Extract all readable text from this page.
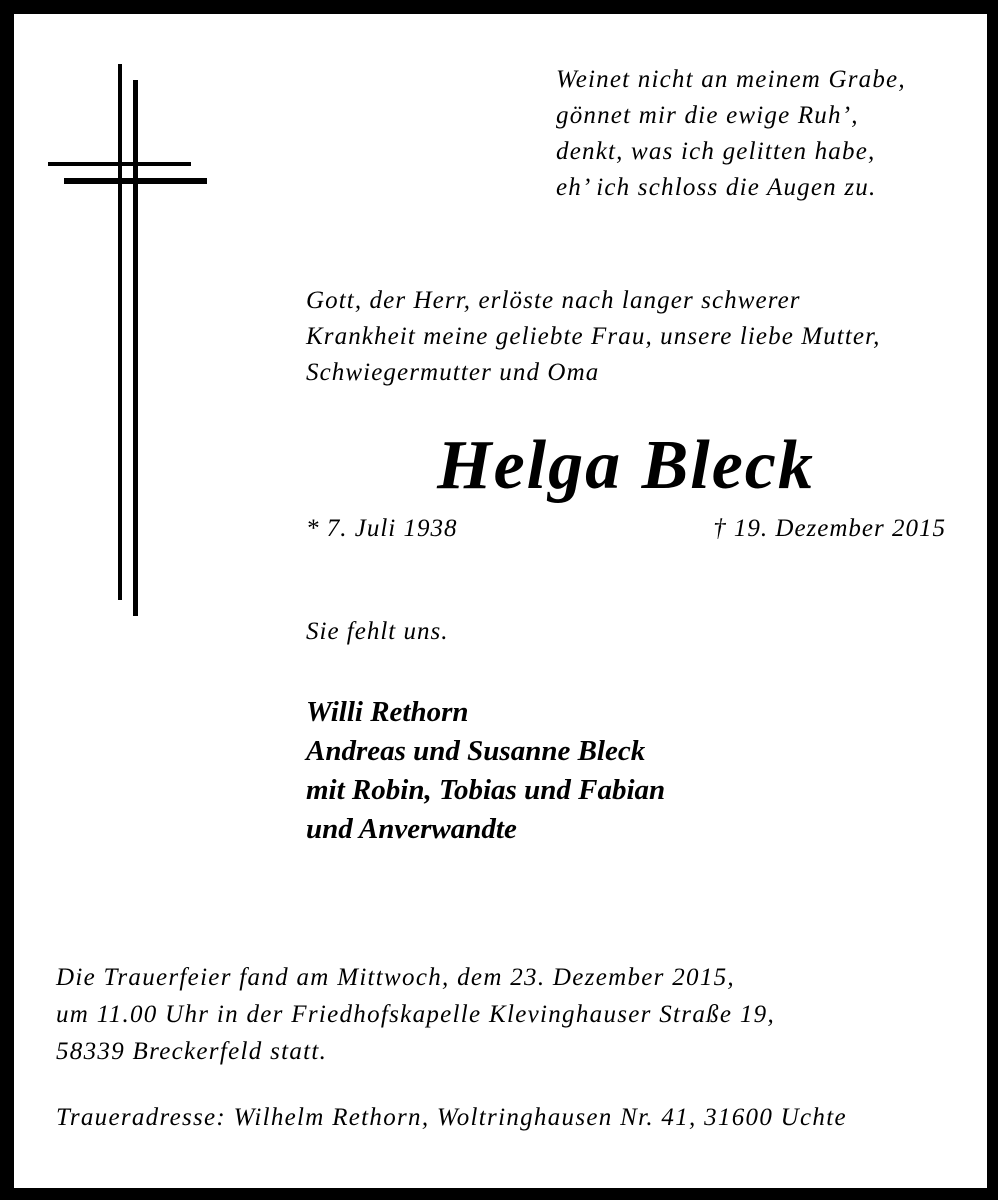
Weinet nicht an meinem Grabe,
gönnet mir die ewige Ruh’,
denkt, was ich gelitten habe,
eh’ ich schloss die Augen zu.
Gott, der Herr, erlöste nach langer schwerer
Krankheit meine geliebte Frau, unsere liebe Mutter,
Schwiegermutter und Oma
Helga Bleck
* 7. Juli 1938	† 19. Dezember 2015
Sie fehlt uns.
Willi Rethorn
Andreas und Susanne Bleck
mit Robin, Tobias und Fabian
und Anverwandte
Die Trauerfeier fand am Mittwoch, dem 23. Dezember 2015,
um 11.00 Uhr in der Friedhofskapelle Klevinghauser Straße 19,
58339 Breckerfeld statt.
Traueradresse: Wilhelm Rethorn, Woltringhausen Nr. 41, 31600 Uchte
